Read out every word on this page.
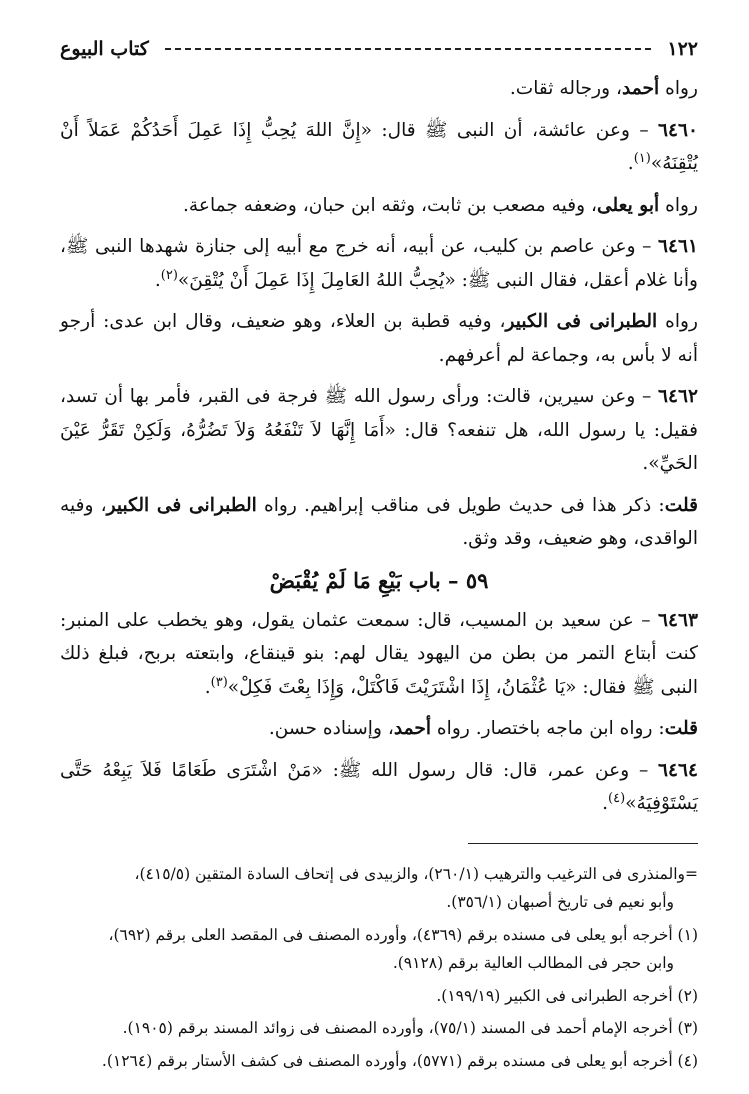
١٢٢
كتاب البيوع

رواه أحمد، ورجاله ثقات.

٦٤٦٠ – وعن عائشة، أن النبى ﷺ قال: «إِنَّ اللهَ يُحِبُّ إِذَا عَمِلَ أَحَدُكُمْ عَمَلاً أَنْ يُتْقِنَهُ»$^{(١)}$.

رواه أبو يعلى، وفيه مصعب بن ثابت، وثقه ابن حبان، وضعفه جماعة.

٦٤٦١ – وعن عاصم بن كليب، عن أبيه، أنه خرج مع أبيه إلى جنازة شهدها النبى ﷺ، وأنا غلام أعقل، فقال النبى ﷺ: «يُحِبُّ اللهُ العَامِلَ إِذَا عَمِلَ أَنْ يُتْقِنَ»$^{(٢)}$.

رواه الطبرانى فى الكبير، وفيه قطبة بن العلاء، وهو ضعيف، وقال ابن عدى: أرجو أنه لا بأس به، وجماعة لم أعرفهم.

٦٤٦٢ – وعن سيرين، قالت: ورأى رسول الله ﷺ فرجة فى القبر، فأمر بها أن تسد، فقيل: يا رسول الله، هل تنفعه؟ قال: «أَمَا إِنَّهَا لاَ تَنْفَعُهُ وَلاَ تَضُرُّهُ، وَلَكِنْ تَقَرُّ عَيْنَ الحَيِّ».

قلت: ذكر هذا فى حديث طويل فى مناقب إبراهيم. رواه الطبرانى فى الكبير، وفيه الواقدى، وهو ضعيف، وقد وثق.

٥٩ – باب بَيْعِ مَا لَمْ يُقْبَضْ

٦٤٦٣ – عن سعيد بن المسيب، قال: سمعت عثمان يقول، وهو يخطب على المنبر: كنت أبتاع التمر من بطن من اليهود يقال لهم: بنو قينقاع، وابتعته بربح، فبلغ ذلك النبى ﷺ فقال: «يَا عُثْمَانُ، إِذَا اشْتَرَيْتَ فَاكْتَلْ، وَإِذَا بِعْتَ فَكِلْ»$^{(٣)}$.

قلت: رواه ابن ماجه باختصار. رواه أحمد، وإسناده حسن.

٦٤٦٤ – وعن عمر، قال: قال رسول الله ﷺ: «مَنْ اشْتَرَى طَعَامًا فَلاَ يَبِعْهُ حَتَّى يَسْتَوْفِيَهُ»$^{(٤)}$.

=والمنذرى فى الترغيب والترهيب (٢٦٠/١)، والزبيدى فى إتحاف السادة المتقين (٤١٥/٥)،
وأبو نعيم فى تاريخ أصبهان (٣٥٦/١).

(١) أخرجه أبو يعلى فى مسنده برقم (٤٣٦٩)، وأورده المصنف فى المقصد العلى برقم (٦٩٢)،
وابن حجر فى المطالب العالية برقم (٩١٢٨).

(٢) أخرجه الطبرانى فى الكبير (١٩٩/١٩).

(٣) أخرجه الإمام أحمد فى المسند (٧٥/١)، وأورده المصنف فى زوائد المسند برقم (١٩٠٥).

(٤) أخرجه أبو يعلى فى مسنده برقم (٥٧٧١)، وأورده المصنف فى كشف الأستار برقم (١٢٦٤).
